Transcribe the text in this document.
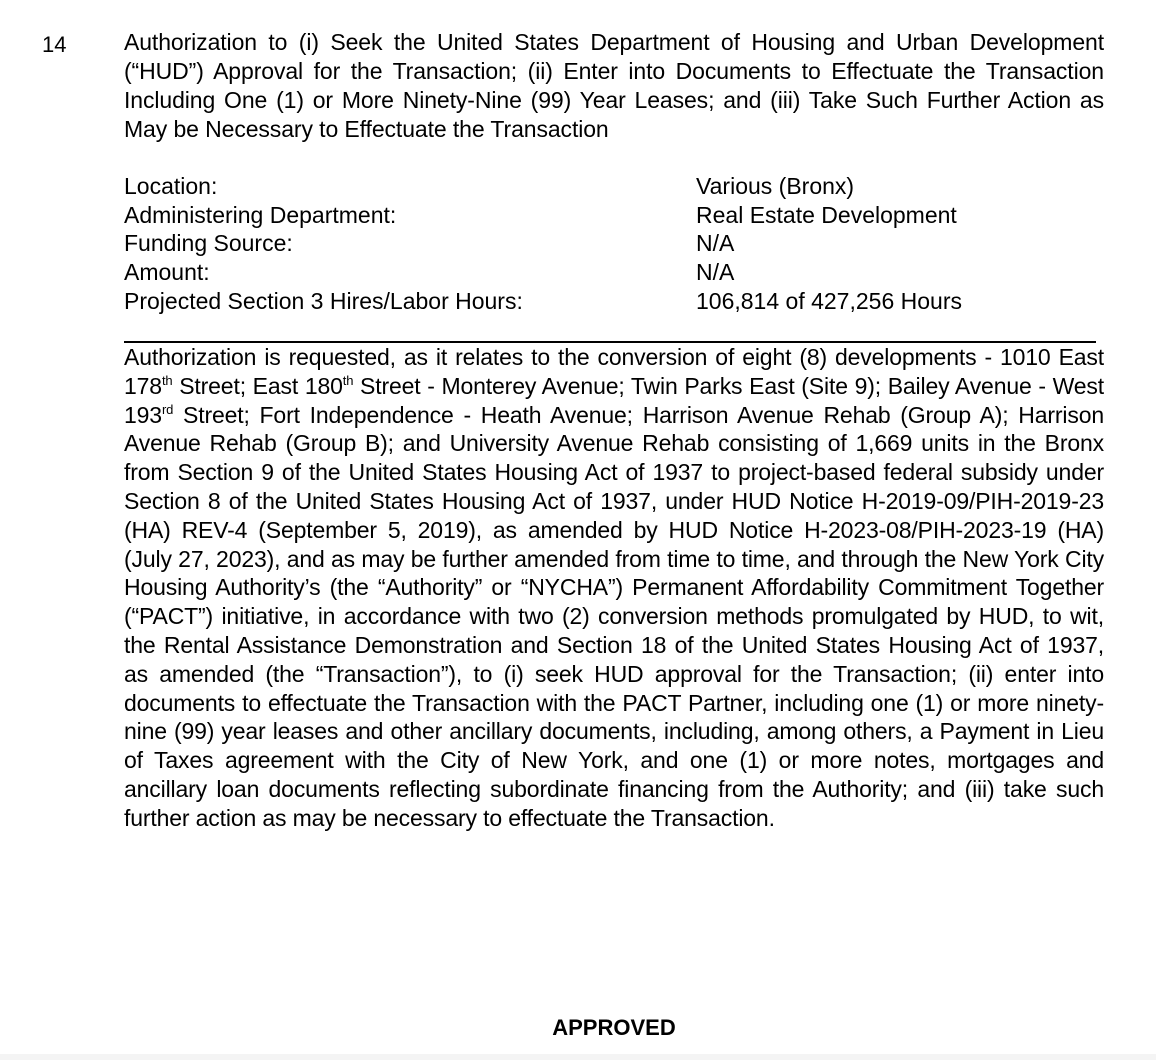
14	Authorization to (i) Seek the United States Department of Housing and Urban Development (“HUD”) Approval for the Transaction; (ii) Enter into Documents to Effectuate the Transaction Including One (1) or More Ninety-Nine (99) Year Leases; and (iii) Take Such Further Action as May be Necessary to Effectuate the Transaction
Location:	Various (Bronx)
Administering Department:	Real Estate Development
Funding Source:	N/A
Amount:	N/A
Projected Section 3 Hires/Labor Hours:	106,814 of 427,256 Hours
Authorization is requested, as it relates to the conversion of eight (8) developments - 1010 East 178th Street; East 180th Street - Monterey Avenue; Twin Parks East (Site 9); Bailey Avenue - West 193rd Street; Fort Independence - Heath Avenue; Harrison Avenue Rehab (Group A); Harrison Avenue Rehab (Group B); and University Avenue Rehab consisting of 1,669 units in the Bronx from Section 9 of the United States Housing Act of 1937 to project-based federal subsidy under Section 8 of the United States Housing Act of 1937, under HUD Notice H-2019-09/PIH-2019-23 (HA) REV-4 (September 5, 2019), as amended by HUD Notice H-2023-08/PIH-2023-19 (HA) (July 27, 2023), and as may be further amended from time to time, and through the New York City Housing Authority’s (the “Authority” or “NYCHA”) Permanent Affordability Commitment Together (“PACT”) initiative, in accordance with two (2) conversion methods promulgated by HUD, to wit, the Rental Assistance Demonstration and Section 18 of the United States Housing Act of 1937, as amended (the “Transaction”), to (i) seek HUD approval for the Transaction; (ii) enter into documents to effectuate the Transaction with the PACT Partner, including one (1) or more ninety-nine (99) year leases and other ancillary documents, including, among others, a Payment in Lieu of Taxes agreement with the City of New York, and one (1) or more notes, mortgages and ancillary loan documents reflecting subordinate financing from the Authority; and (iii) take such further action as may be necessary to effectuate the Transaction.
APPROVED
